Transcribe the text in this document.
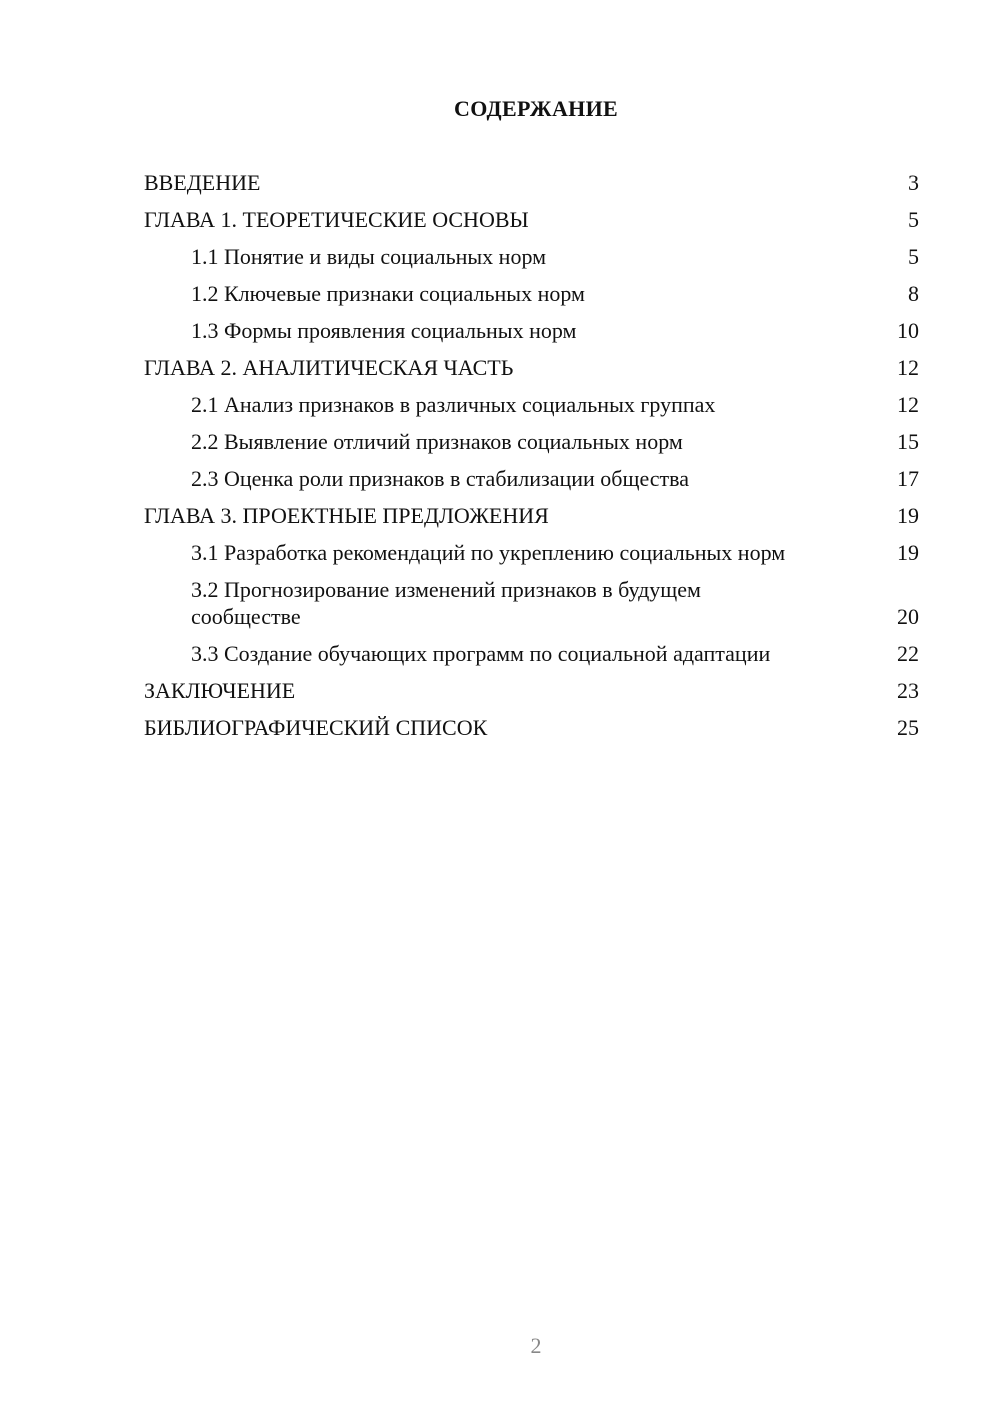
СОДЕРЖАНИЕ
ВВЕДЕНИЕ	3
ГЛАВА 1. ТЕОРЕТИЧЕСКИЕ ОСНОВЫ	5
1.1 Понятие и виды социальных норм	5
1.2 Ключевые признаки социальных норм	8
1.3 Формы проявления социальных норм	10
ГЛАВА 2. АНАЛИТИЧЕСКАЯ ЧАСТЬ	12
2.1 Анализ признаков в различных социальных группах	12
2.2 Выявление отличий признаков социальных норм	15
2.3 Оценка роли признаков в стабилизации общества	17
ГЛАВА 3. ПРОЕКТНЫЕ ПРЕДЛОЖЕНИЯ	19
3.1 Разработка рекомендаций по укреплению социальных норм	19
3.2 Прогнозирование изменений признаков в будущем сообществе	20
3.3 Создание обучающих программ по социальной адаптации	22
ЗАКЛЮЧЕНИЕ	23
БИБЛИОГРАФИЧЕСКИЙ СПИСОК	25
2
